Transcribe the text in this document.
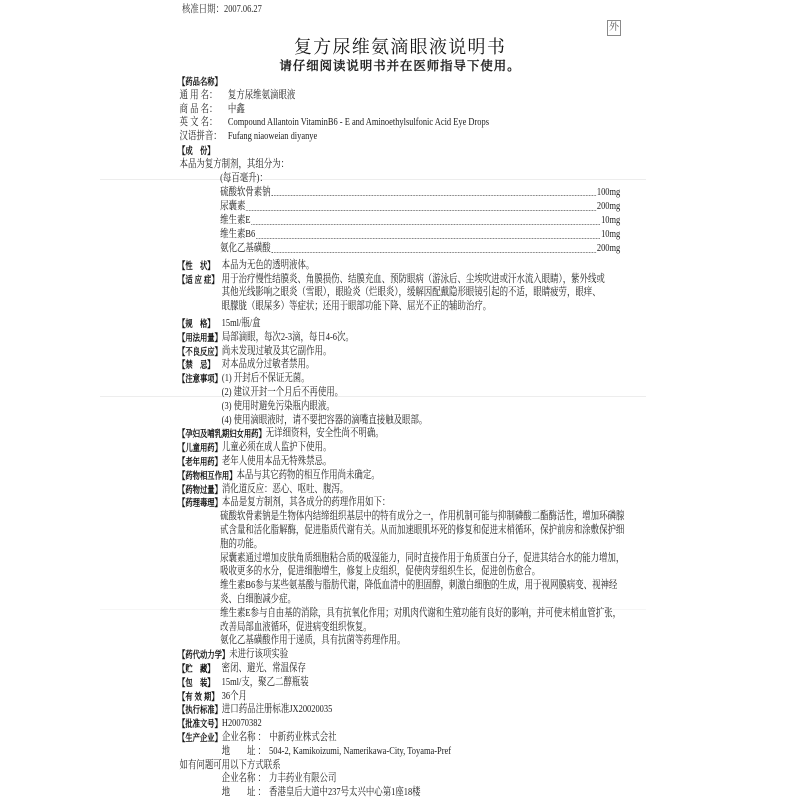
核准日期：2007.06.27
外
复方尿维氨滴眼液说明书
请仔细阅读说明书并在医师指导下使用。
【药品名称】
通 用 名： 复方尿维氨滴眼液
商 品 名： 中鑫
英 文 名： Compound Allantoin VitaminB6 - E and Aminoethylsulfonic Acid Eye Drops
汉语拼音： Fufang niaoweian diyanye
【成　份】
本品为复方制剂，其组分为：
(每百毫升)：
硫酸软骨素钠	100mg
尿囊素	200mg
维生素E	10mg
维生素B6	10mg
氨化乙基磺酸	200mg
【性　状】 本品为无色的透明液体。
【适 应 症】 用于治疗慢性结膜炎、角膜损伤、结膜充血、预防眼病（游泳后、尘埃吹进或汗水流入眼睛），紫外线或其他光线影响之眼炎（雪眼），眼睑炎（烂眼炎），缓解因配戴隐形眼镜引起的不适，眼睛疲劳，眼痒、眼朦胧（眼屎多）等症状；还用于眼部功能下降、屈光不正的辅助治疗。
【规　格】 15ml/瓶/盒
【用法用量】 局部滴眼，每次2-3滴，每日4-6次。
【不良反应】 尚未发现过敏及其它副作用。
【禁　忌】 对本品成分过敏者禁用。
【注意事项】 (1) 开封后不保证无菌。
(2) 建议开封一个月后不再使用。
(3) 使用时避免污染瓶内眼液。
(4) 使用滴眼液时，请不要把容器的滴嘴直接触及眼部。
【孕妇及哺乳期妇女用药】 无详细资料，安全性尚不明确。
【儿童用药】 儿童必须在成人监护下使用。
【老年用药】 老年人使用本品无特殊禁忌。
【药物相互作用】 本品与其它药物的相互作用尚未确定。
【药物过量】 消化道反应：恶心、呕吐、腹泻。
【药理毒理】 本品是复方制剂，其各成分的药理作用如下：
硫酸软骨素钠是生物体内结缔组织基层中的特有成分之一，作用机制可能与抑制磷酸二酯酶活性，增加环磷腺甙含量和活化脂解酶，促进脂质代谢有关。从而加速眼肌坏死的修复和促进末梢循环，保护前房和涂敷保护细胞的功能。
尿囊素通过增加皮肤角质细胞粘合质的吸湿能力，同时直接作用于角质蛋白分子，促进其结合水的能力增加，吸收更多的水分，促进细胞增生，修复上皮组织，促使肉芽组织生长，促进创伤愈合。
维生素B6参与某些氨基酸与脂肪代谢，降低血清中的胆固醇，刺激白细胞的生成，用于视网膜病变、视神经炎、白细胞减少症。
维生素E参与自由基的消除，具有抗氧化作用；对肌肉代谢和生殖功能有良好的影响，并可使末梢血管扩张，改善局部血液循环，促进病变组织恢复。
氨化乙基磺酸作用于递质，具有抗菌等药理作用。
【药代动力学】 未进行该项实验
【贮　藏】 密闭、避光、常温保存
【包　装】 15ml/支，聚乙二醇瓶装
【有 效 期】 36个月
【执行标准】 进口药品注册标准JX20020035
【批准文号】 H20070382
【生产企业】 企业名称 ： 中新药业株式会社
地　　址 ： 504-2, Kamikoizumi, Namerikawa-City, Toyama-Pref
如有问题可用以下方式联系
企业名称 ： 力丰药业有限公司
地　　址 ： 香港皇后大道中237号太兴中心第1座18楼
